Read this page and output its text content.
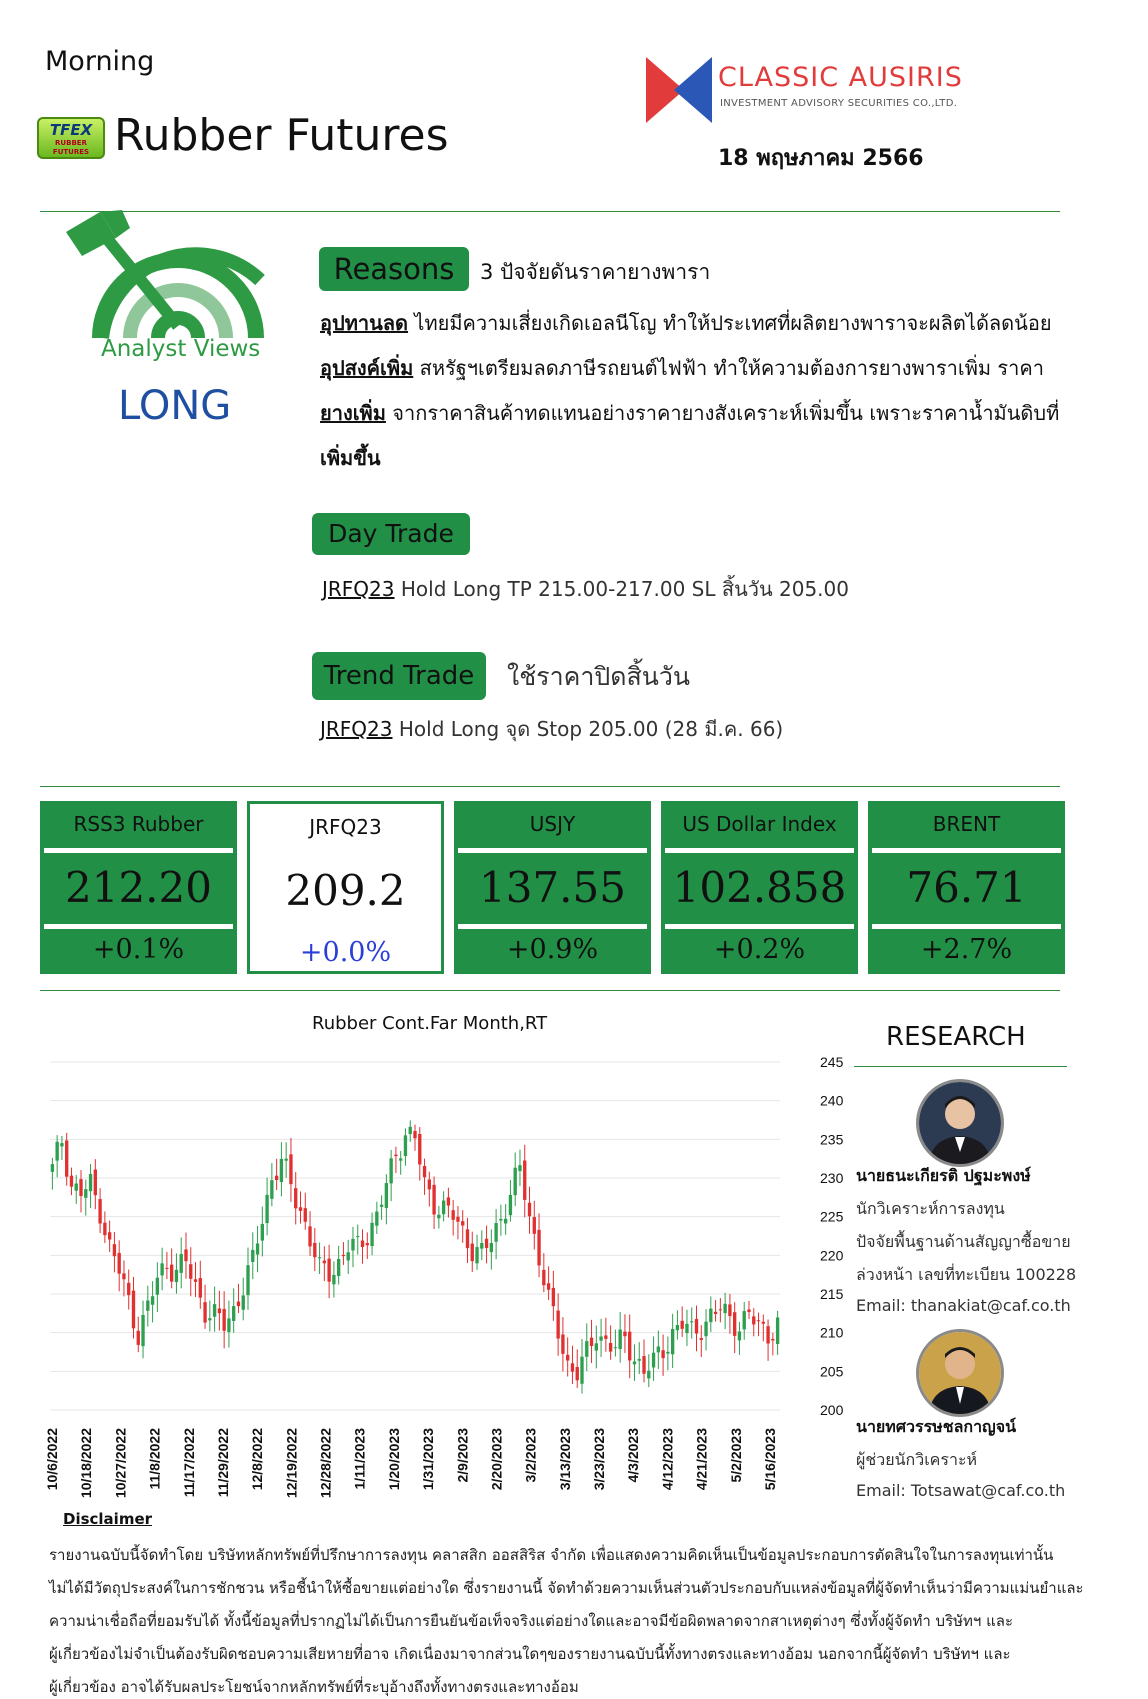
Morning
TFEX
RUBBER FUTURES Rubber Futures
CLASSIC AUSIRIS
INVESTMENT ADVISORY SECURITIES CO.,LTD.
18 พฤษภาคม 2566
Analyst Views
LONG
Reasons	3 ปัจจัยดันราคายางพารา
อุปทานลด ไทยมีความเสี่ยงเกิดเอลนีโญ ทำให้ประเทศที่ผลิตยางพาราจะผลิตได้ลดน้อย
อุปสงค์เพิ่ม สหรัฐฯเตรียมลดภาษีรถยนต์ไฟฟ้า ทำให้ความต้องการยางพาราเพิ่ม ราคา
ยางเพิ่ม จากราคาสินค้าทดแทนอย่างราคายางสังเคราะห์เพิ่มขึ้น เพราะราคาน้ำมันดิบที่
เพิ่มขึ้น
Day Trade
JRFQ23 Hold Long TP 215.00-217.00 SL สิ้นวัน 205.00
Trend Trade	ใช้ราคาปิดสิ้นวัน
JRFQ23 Hold Long จุด Stop 205.00 (28 มี.ค. 66)
RSS3 Rubber
212.20
+0.1%
JRFQ23
209.2
+0.0%
USJY
137.55
+0.9%
US Dollar Index
102.858
+0.2%
BRENT
76.71
+2.7%
Rubber Cont.Far Month,RT
245
240
235
230
225
220
215
210
205
200
10/6/2022 10/18/2022 10/27/2022 11/8/2022 11/17/2022 11/29/2022 12/8/2022 12/19/2022 12/28/2022 1/11/2023 1/20/2023 1/31/2023 2/9/2023 2/20/2023 3/2/2023 3/13/2023 3/23/2023 4/3/2023 4/12/2023 4/21/2023 5/2/2023 5/16/2023
RESEARCH
นายธนะเกียรติ ปฐมะพงษ์
นักวิเคราะห์การลงทุน
ปัจจัยพื้นฐานด้านสัญญาซื้อขาย
ล่วงหน้า เลขที่ทะเบียน 100228
Email: thanakiat@caf.co.th
นายทศวรรษชลกาญจน์
ผู้ช่วยนักวิเคราะห์
Email: Totsawat@caf.co.th
Disclaimer
รายงานฉบับนี้จัดทำโดย บริษัทหลักทรัพย์ที่ปรึกษาการลงทุน คลาสสิก ออสสิริส จำกัด เพื่อแสดงความคิดเห็นเป็นข้อมูลประกอบการตัดสินใจในการลงทุนเท่านั้น
ไม่ได้มีวัตถุประสงค์ในการชักชวน หรือชี้นำให้ซื้อขายแต่อย่างใด ซึ่งรายงานนี้ จัดทำด้วยความเห็นส่วนตัวประกอบกับแหล่งข้อมูลที่ผู้จัดทำเห็นว่ามีความแม่นยำและ
ความน่าเชื่อถือที่ยอมรับได้ ทั้งนี้ข้อมูลที่ปรากฏไม่ได้เป็นการยืนยันข้อเท็จจริงแต่อย่างใดและอาจมีข้อผิดพลาดจากสาเหตุต่างๆ ซึ่งทั้งผู้จัดทำ บริษัทฯ และ
ผู้เกี่ยวข้องไม่จำเป็นต้องรับผิดชอบความเสียหายที่อาจ เกิดเนื่องมาจากส่วนใดๆของรายงานฉบับนี้ทั้งทางตรงและทางอ้อม นอกจากนี้ผู้จัดทำ บริษัทฯ และ
ผู้เกี่ยวข้อง อาจได้รับผลประโยชน์จากหลักทรัพย์ที่ระบุอ้างถึงทั้งทางตรงและทางอ้อม
